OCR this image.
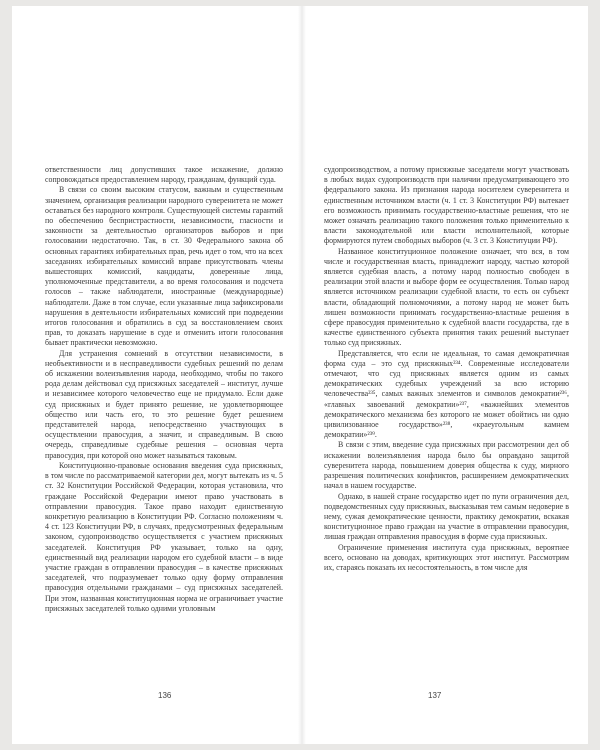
ответственности лиц допустивших такое искажение, должно сопровождаться предоставлением народу, гражданам, функций суда.

В связи со своим высоким статусом, важным и существенным значением, организация реализации народного суверенитета не может оставаться без народного контроля. Существующей системы гарантий по обеспечению беспристрастности, независимости, гласности и законности за деятельностью организаторов выборов и при голосовании недостаточно. Так, в ст. 30 Федерального закона об основных гарантиях избирательных прав, речь идет о том, что на всех заседаниях избирательных комиссий вправе присутствовать члены вышестоящих комиссий, кандидаты, доверенные лица, уполномоченные представители, а во время голосования и подсчета голосов – также наблюдатели, иностранные (международные) наблюдатели. Даже в том случае, если указанные лица зафиксировали нарушения в деятельности избирательных комиссий при подведении итогов голосования и обратились в суд за восстановлением своих прав, то доказать нарушение в суде и отменить итоги голосования бывает практически невозможно.

Для устранения сомнений в отсутствии независимости, в необъективности и в несправедливости судебных решений по делам об искажении волеизъявления народа, необходимо, чтобы по такого рода делам действовал суд присяжных заседателей – институт, лучше и независимее которого человечество еще не придумало. Если даже суд присяжных и будет принято решение, не удовлетворяющее общество или часть его, то это решение будет решением представителей народа, непосредственно участвующих в осуществлении правосудия, а значит, и справедливым. В свою очередь, справедливые судебные решения – основная черта правосудия, при которой оно может называться таковым.

Конституционно-правовые основания введения суда присяжных, в том числе по рассматриваемой категории дел, могут вытекать из ч. 5 ст. 32 Конституции Российской Федерации, которая установила, что граждане Российской Федерации имеют право участвовать в отправлении правосудия. Такое право находит единственную конкретную реализацию в Конституции РФ. Согласно положениям ч. 4 ст. 123 Конституции РФ, в случаях, предусмотренных федеральным законом, судопроизводство осуществляется с участием присяжных заседателей. Конституция РФ указывает, только на одну, единственный вид реализации народом его судебной власти – в виде участие граждан в отправлении правосудия – в качестве присяжных заседателей, что подразумевает только одну форму отправления правосудия отдельными гражданами – суд присяжных заседателей. При этом, названная конституционная норма не ограничивает участие присяжных заседателей только одними уголовным

136

судопроизводством, а потому присяжные заседатели могут участвовать в любых видах судопроизводств при наличии предусматривающего это федерального закона. Из признания народа носителем суверенитета и единственным источником власти (ч. 1 ст. 3 Конституции РФ) вытекает его возможность принимать государственно-властные решения, что не может означать реализацию такого положения только применительно к власти законодательной или власти исполнительной, которые формируются путем свободных выборов (ч. 3 ст. 3 Конституции РФ).

Названное конституционное положение означает, что вся, в том числе и государственная власть, принадлежит народу, частью которой является судебная власть, а потому народ полностью свободен в реализации этой власти и выборе форм ее осуществления. Только народ является источником реализации судебной власти, то есть он субъект власти, обладающий полномочиями, а потому народ не может быть лишен возможности принимать государственно-властные решения в сфере правосудия применительно к судебной власти государства, где в качестве единственного субъекта принятия таких решений выступает только суд присяжных.

Представляется, что если не идеальная, то самая демократичная форма суда – это суд присяжных²³⁴. Современные исследователи отмечают, что суд присяжных является одним из самых демократических судебных учреждений за всю историю человечества²³⁵, самых важных элементов и символов демократии²³⁶, «главных завоеваний демократии»²³⁷, «важнейших элементов демократического механизма без которого не может обойтись ни одно цивилизованное государство»²³⁸, «краеугольным камнем демократии»²³⁹.

В связи с этим, введение суда присяжных при рассмотрении дел об искажении волеизъявления народа было бы оправдано защитой суверенитета народа, повышением доверия общества к суду, мирного разрешения политических конфликтов, расширением демократических начал в нашем государстве.

Однако, в нашей стране государство идет по пути ограничения дел, подведомственных суду присяжных, высказывая тем самым недоверие в нему, сужая демократические ценности, практику демократии, вскакая конституционное право граждан на участие в отправлении правосудия, лишая граждан отправления правосудия в форме суда присяжных.

Ограничение применения института суда присяжных, вероятнее всего, основано на доводах, критикующих этот институт. Рассмотрим их, стараясь показать их несостоятельность, в том числе для

137
